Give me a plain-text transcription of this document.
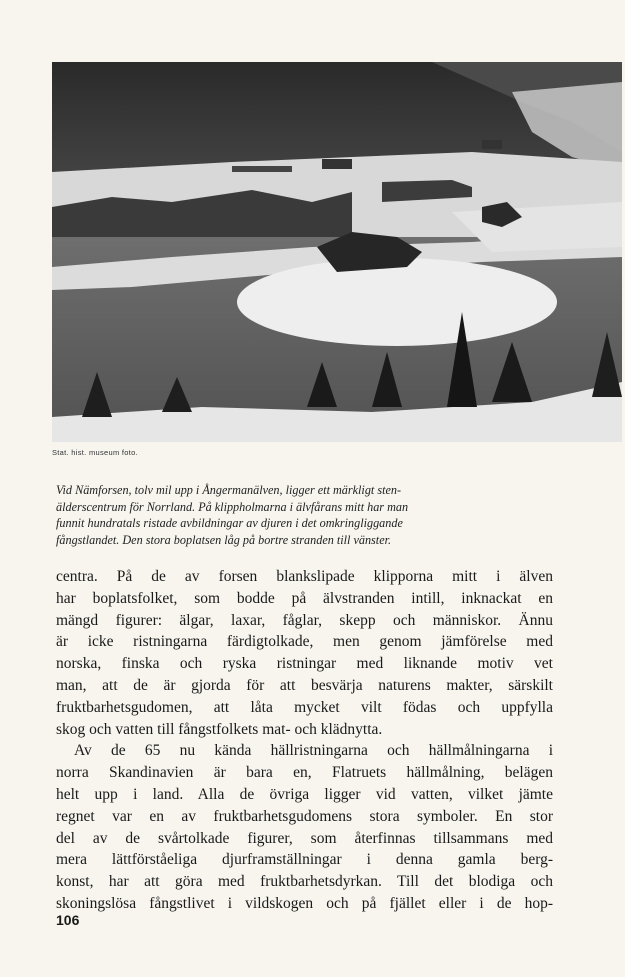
Stat. hist. museum foto.
Vid Nämforsen, tolv mil upp i Ångermanälven, ligger ett märkligt sten-
älderscentrum för Norrland. På klippholmarna i älvfårans mitt har man
funnit hundratals ristade avbildningar av djuren i det omkringliggande
fångstlandet. Den stora boplatsen låg på bortre stranden till vänster.
centra. På de av forsen blankslipade klipporna mitt i älven
har boplatsfolket, som bodde på älvstranden intill, inknackat en
mängd figurer: älgar, laxar, fåglar, skepp och människor. Ännu
är icke ristningarna färdigtolkade, men genom jämförelse med
norska, finska och ryska ristningar med liknande motiv vet
man, att de är gjorda för att besvärja naturens makter, särskilt
fruktbarhetsgudomen, att låta mycket vilt födas och uppfylla
skog och vatten till fångstfolkets mat- och klädnytta.
Av de 65 nu kända hällristningarna och hällmålningarna i
norra Skandinavien är bara en, Flatruets hällmålning, belägen
helt upp i land. Alla de övriga ligger vid vatten, vilket jämte
regnet var en av fruktbarhetsgudomens stora symboler. En stor
del av de svårtolkade figurer, som återfinnas tillsammans med
mera lättförståeliga djurframställningar i denna gamla berg-
konst, har att göra med fruktbarhetsdyrkan. Till det blodiga och
skoningslösa fångstlivet i vildskogen och på fjället eller i de hop-
106
